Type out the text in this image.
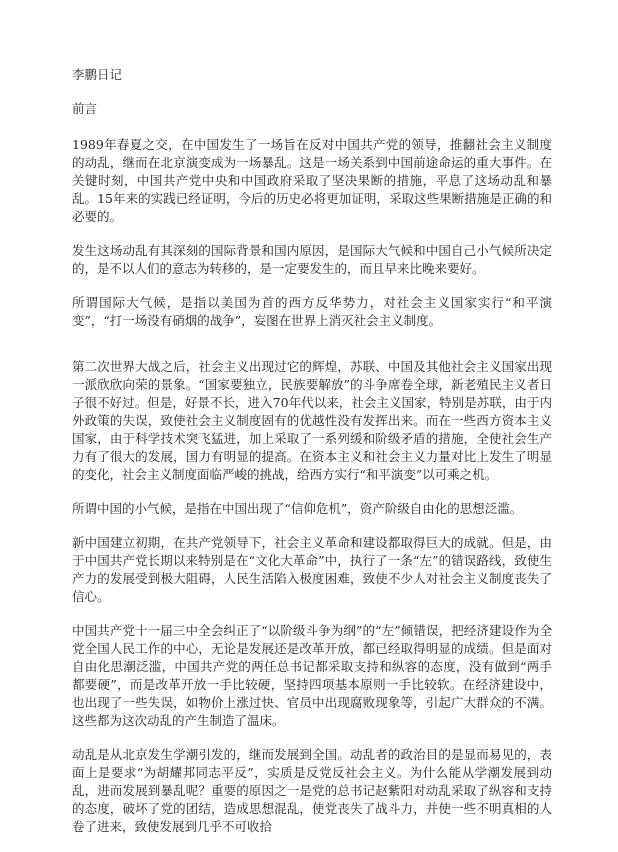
李鹏日记
前言

1989年春夏之交，在中国发生了一场旨在反对中国共产党的领导，推翻社会主义制度的动乱，继而在北京演变成为一场暴乱。这是一场关系到中国前途命运的重大事件。在关键时刻，中国共产党中央和中国政府采取了坚决果断的措施，平息了这场动乱和暴乱。15年来的实践已经证明，今后的历史必将更加证明，采取这些果断措施是正确的和必要的。

发生这场动乱有其深刻的国际背景和国内原因，是国际大气候和中国自己小气候所决定的，是不以人们的意志为转移的，是一定要发生的，而且早来比晚来要好。

所谓国际大气候，是指以美国为首的西方反华势力，对社会主义国家实行“和平演变”，“打一场没有硝烟的战争”，妄图在世界上消灭社会主义制度。

第二次世界大战之后，社会主义出现过它的辉煌，苏联、中国及其他社会主义国家出现一派欣欣向荣的景象。“国家要独立，民族要解放”的斗争席卷全球，新老殖民主义者日子很不好过。但是，好景不长，进入70年代以来，社会主义国家，特别是苏联，由于内外政策的失误，致使社会主义制度固有的优越性没有发挥出来。而在一些西方资本主义国家，由于科学技术突飞猛进，加上采取了一系列缓和阶级矛盾的措施，全使社会生产力有了很大的发展，国力有明显的提高。在资本主义和社会主义力量对比上发生了明显的变化，社会主义制度面临严峻的挑战，给西方实行“和平演变”以可乘之机。

所谓中国的小气候，是指在中国出现了“信仰危机”，资产阶级自由化的思想泛滥。

新中国建立初期，在共产党领导下，社会主义革命和建设都取得巨大的成就。但是，由于中国共产党长期以来特别是在“文化大革命”中，执行了一条“左”的错误路线，致使生产力的发展受到极大阻碍，人民生活陷入极度困难，致使不少人对社会主义制度丧失了信心。

中国共产党十一届三中全会纠正了“以阶级斗争为纲”的“左”倾错误，把经济建设作为全党全国人民工作的中心，无论是发展还是改革开放，都已经取得明显的成绩。但是面对自由化思潮泛滥，中国共产党的两任总书记都采取支持和纵容的态度，没有做到“两手都要硬”，而是改革开放一手比较硬，坚持四项基本原则一手比较软。在经济建设中，也出现了一些失误，如物价上涨过快、官员中出现腐败现象等，引起广大群众的不满。这些都为这次动乱的产生制造了温床。

动乱是从北京发生学潮引发的，继而发展到全国。动乱者的政治目的是显而易见的，表面上是要求“为胡耀邦同志平反”，实质是反党反社会主义。为什么能从学潮发展到动乱，进而发展到暴乱呢？重要的原因之一是党的总书记赵紫阳对动乱采取了纵容和支持的态度，破坏了党的团结，造成思想混乱，使党丧失了战斗力，并使一些不明真相的人卷了进来，致使发展到几乎不可收拾
